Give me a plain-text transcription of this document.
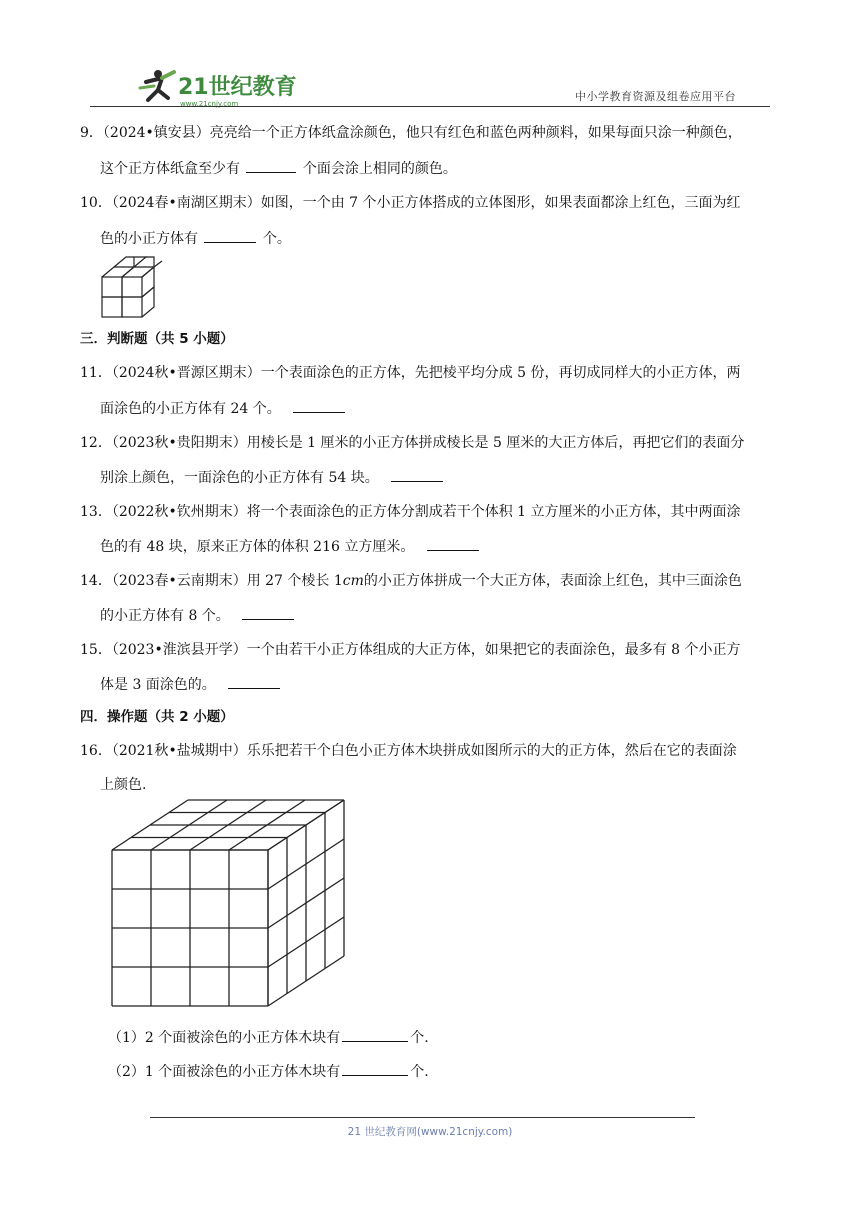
21世纪教育
www.21cnjy.com
中小学教育资源及组卷应用平台
9．（2024•镇安县）亮亮给一个正方体纸盒涂颜色，他只有红色和蓝色两种颜料，如果每面只涂一种颜色，
这个正方体纸盒至少有	个面会涂上相同的颜色。
10．（2024春•南湖区期末）如图，一个由 7 个小正方体搭成的立体图形，如果表面都涂上红色，三面为红
色的小正方体有	个。
三．判断题（共 5 小题）
11．（2024秋•晋源区期末）一个表面涂色的正方体，先把棱平均分成 5 份，再切成同样大的小正方体，两
面涂色的小正方体有 24 个。
12．（2023秋•贵阳期末）用棱长是 1 厘米的小正方体拼成棱长是 5 厘米的大正方体后，再把它们的表面分
别涂上颜色，一面涂色的小正方体有 54 块。
13．（2022秋•钦州期末）将一个表面涂色的正方体分割成若干个体积 1 立方厘米的小正方体，其中两面涂
色的有 48 块，原来正方体的体积 216 立方厘米。
14．（2023春•云南期末）用 27 个棱长 1cm的小正方体拼成一个大正方体，表面涂上红色，其中三面涂色
的小正方体有 8 个。
15．（2023•淮滨县开学）一个由若干小正方体组成的大正方体，如果把它的表面涂色，最多有 8 个小正方
体是 3 面涂色的。
四．操作题（共 2 小题）
16．（2021秋•盐城期中）乐乐把若干个白色小正方体木块拼成如图所示的大的正方体，然后在它的表面涂
上颜色.
（1）2 个面被涂色的小正方体木块有	个.
（2）1 个面被涂色的小正方体木块有	个.
21 世纪教育网(www.21cnjy.com)
